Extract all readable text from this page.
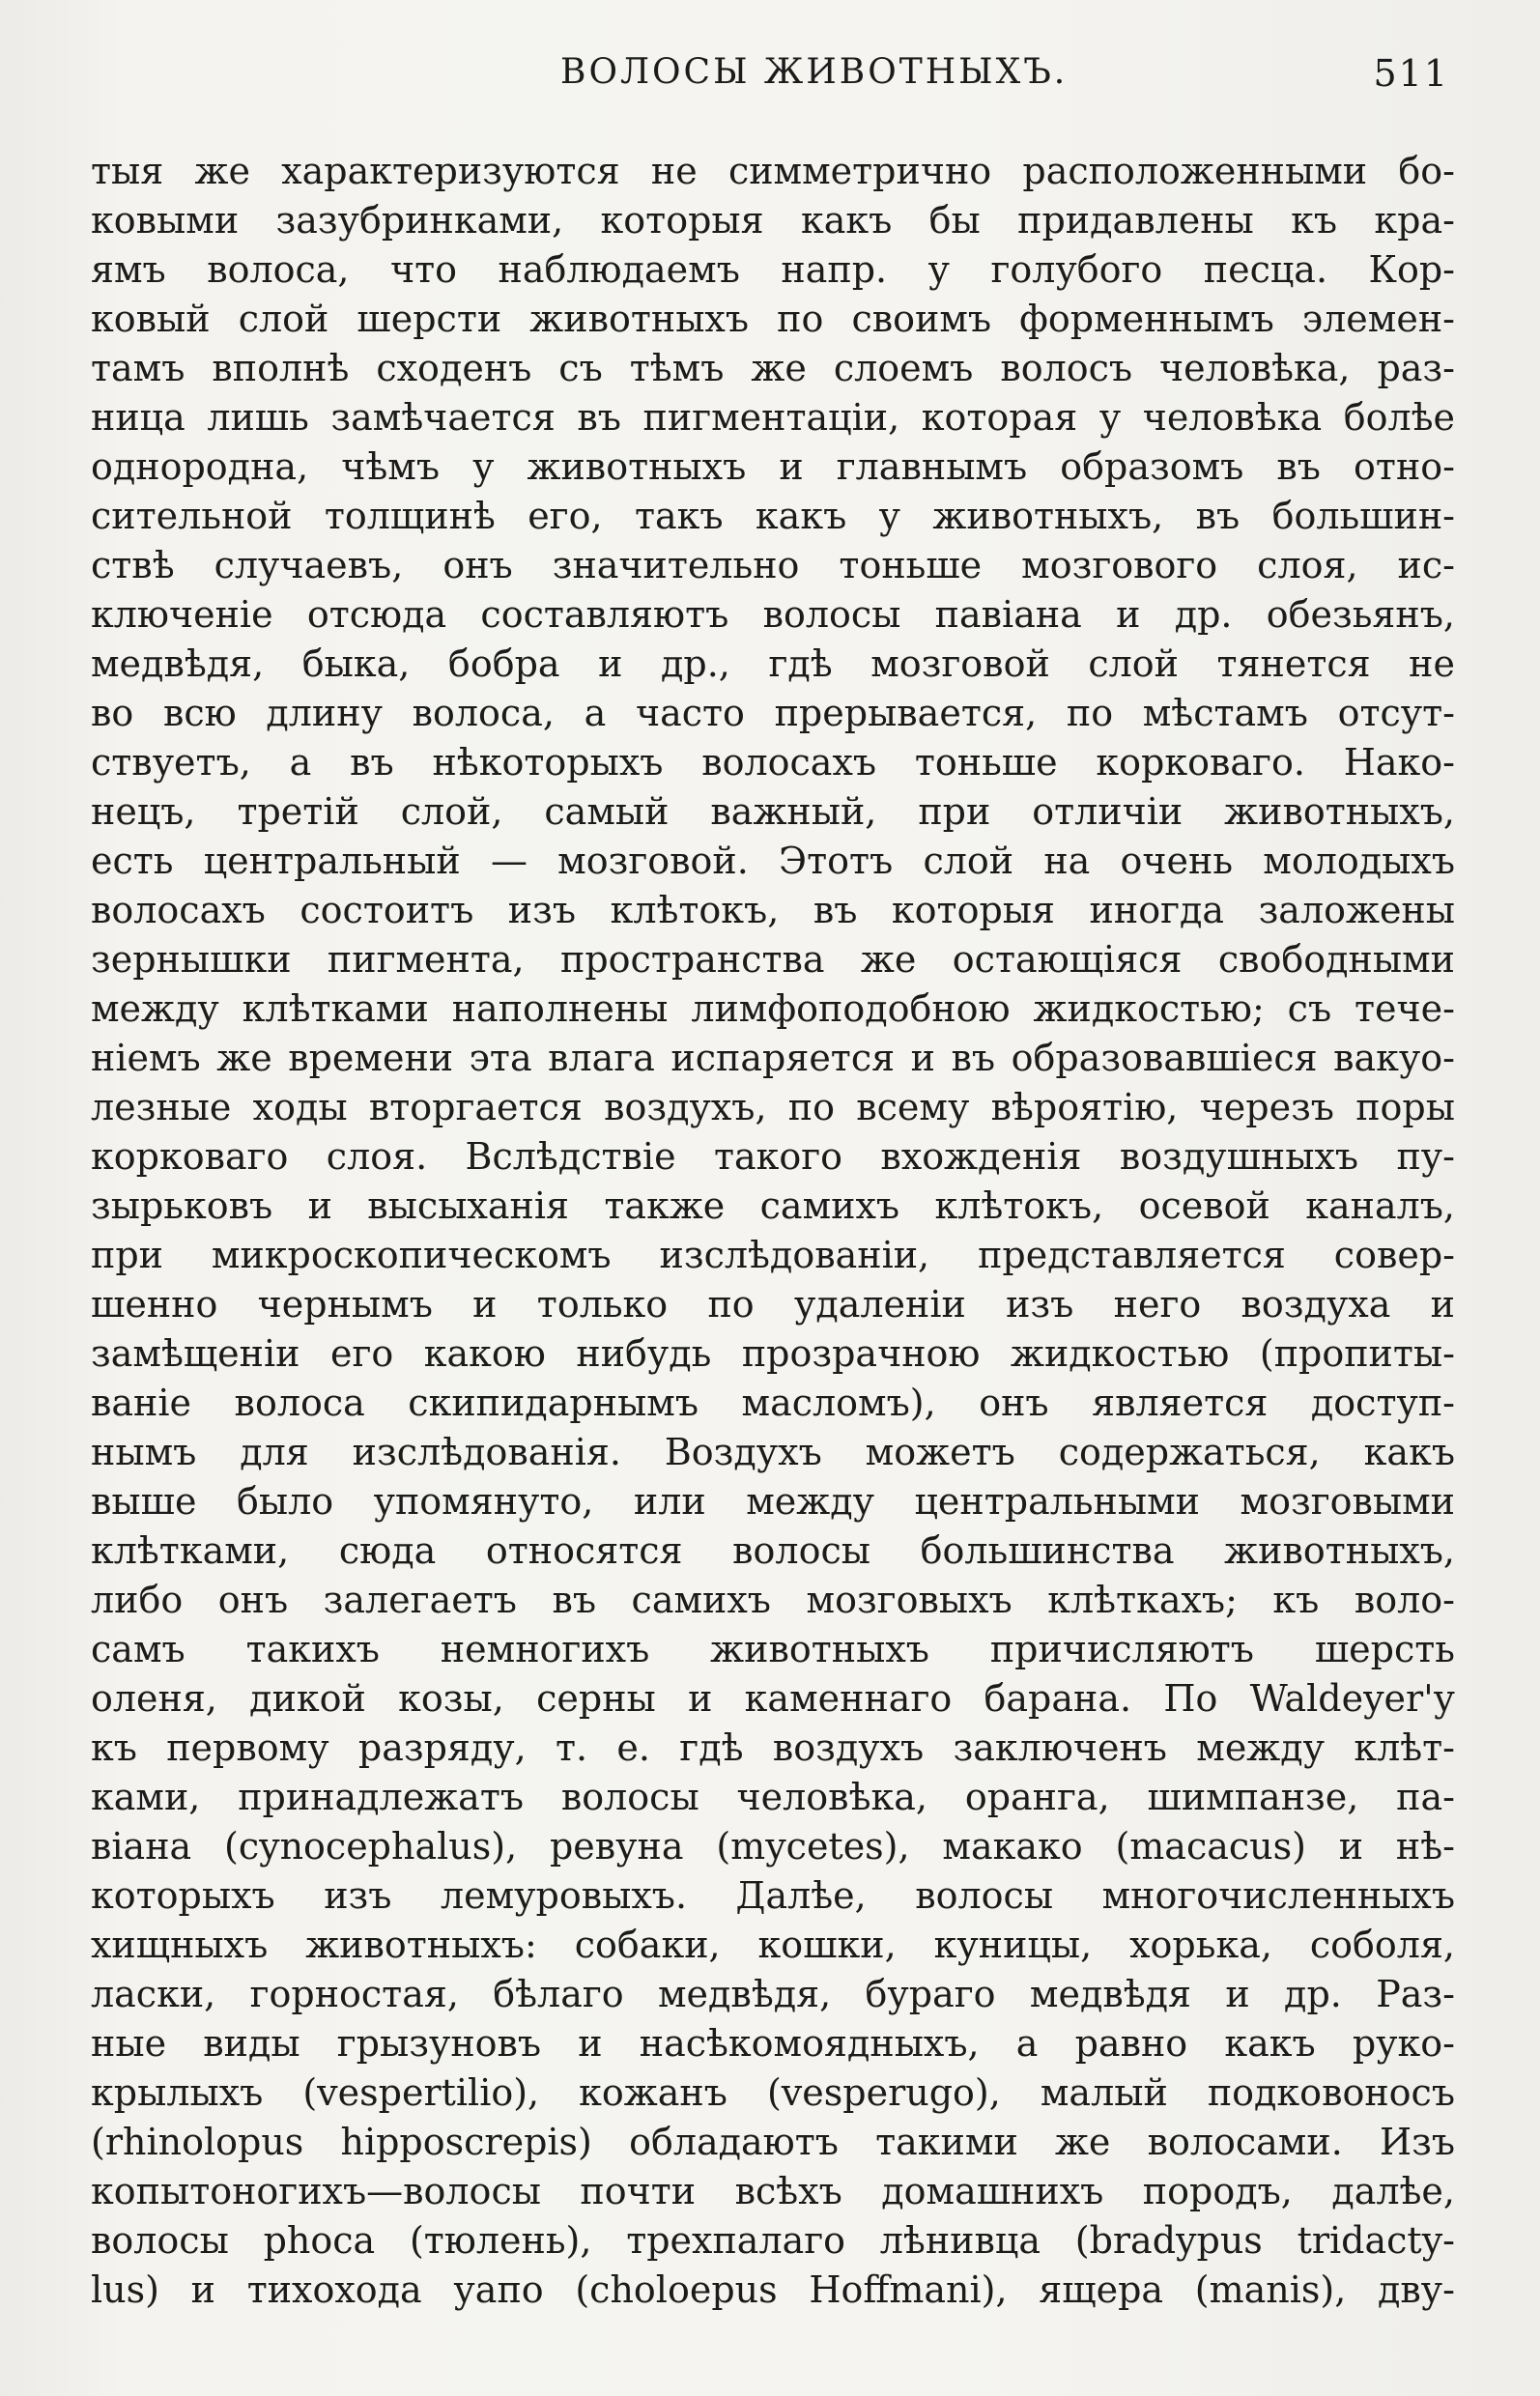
ВОЛОСЫ ЖИВОТНЫХЪ.	511
тыя же характеризуются не симметрично расположенными бо-
ковыми зазубринками, которыя какъ бы придавлены къ кра-
ямъ волоса, что наблюдаемъ напр. у голубого песца. Кор-
ковый слой шерсти животныхъ по своимъ форменнымъ элемен-
тамъ вполнѣ сходенъ съ тѣмъ же слоемъ волосъ человѣка, раз-
ница лишь замѣчается въ пигментаціи, которая у человѣка болѣе
однородна, чѣмъ у животныхъ и главнымъ образомъ въ отно-
сительной толщинѣ его, такъ какъ у животныхъ, въ большин-
ствѣ случаевъ, онъ значительно тоньше мозгового слоя, ис-
ключеніе отсюда составляютъ волосы павіана и др. обезьянъ,
медвѣдя, быка, бобра и др., гдѣ мозговой слой тянется не
во всю длину волоса, а часто прерывается, по мѣстамъ отсут-
ствуетъ, а въ нѣкоторыхъ волосахъ тоньше корковаго. Нако-
нецъ, третій слой, самый важный, при отличіи животныхъ,
есть центральный — мозговой. Этотъ слой на очень молодыхъ
волосахъ состоитъ изъ клѣтокъ, въ которыя иногда заложены
зернышки пигмента, пространства же остающіяся свободными
между клѣтками наполнены лимфоподобною жидкостью; съ тече-
ніемъ же времени эта влага испаряется и въ образовавшіеся вакуо-
лезные ходы вторгается воздухъ, по всему вѣроятію, черезъ поры
корковаго слоя. Вслѣдствіе такого вхожденія воздушныхъ пу-
зырьковъ и высыханія также самихъ клѣтокъ, осевой каналъ,
при микроскопическомъ изслѣдованіи, представляется совер-
шенно чернымъ и только по удаленіи изъ него воздуха и
замѣщеніи его какою нибудь прозрачною жидкостью (пропиты-
ваніе волоса скипидарнымъ масломъ), онъ является доступ-
нымъ для изслѣдованія. Воздухъ можетъ содержаться, какъ
выше было упомянуто, или между центральными мозговыми
клѣтками, сюда относятся волосы большинства животныхъ,
либо онъ залегаетъ въ самихъ мозговыхъ клѣткахъ; къ воло-
самъ такихъ немногихъ животныхъ причисляютъ шерсть
оленя, дикой козы, серны и каменнаго барана. По Waldeyer'у
къ первому разряду, т. е. гдѣ воздухъ заключенъ между клѣт-
ками, принадлежатъ волосы человѣка, оранга, шимпанзе, па-
віана (cynocephalus), ревуна (mycetes), макако (macacus) и нѣ-
которыхъ изъ лемуровыхъ. Далѣе, волосы многочисленныхъ
хищныхъ животныхъ: собаки, кошки, куницы, хорька, соболя,
ласки, горностая, бѣлаго медвѣдя, бураго медвѣдя и др. Раз-
ные виды грызуновъ и насѣкомоядныхъ, а равно какъ руко-
крылыхъ (vespertilio), кожанъ (vesperugo), малый подковоносъ
(rhinolopus hipposcrepis) обладаютъ такими же волосами. Изъ
копытоногихъ—волосы почти всѣхъ домашнихъ породъ, далѣе,
волосы phoca (тюлень), трехпалаго лѣнивца (bradypus tridacty-
lus) и тихохода уапо (choloepus Hoffmani), ящера (manis), дву-
